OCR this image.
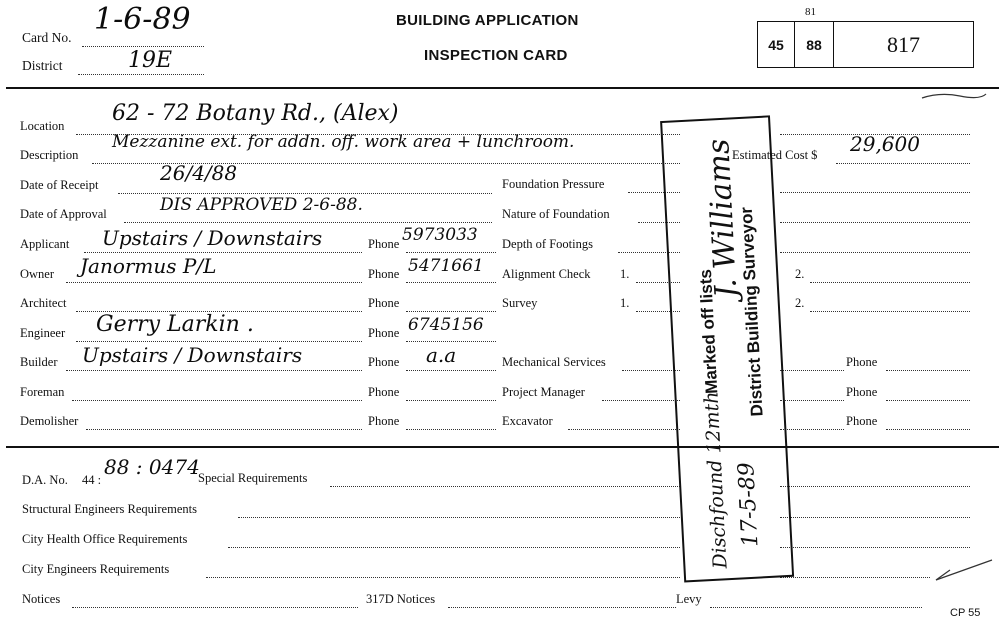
Card No.
1-6-89
District	19E
BUILDING APPLICATION
INSPECTION CARD
81
45	88	817
Location 62 - 72 Botany Rd., (Alex)
Description
Mezzanine ext. for addn. off. work area + lunchroom.
Estimated Cost $ 29,600
Date of Receipt	26/4/88	Foundation Pressure
Date of Approval	DIS APPROVED 2-6-88.	Nature of Foundation
Applicant Upstairs / Downstairs	Phone 5973033 Depth of Footings
Owner Janormus P/L	Phone 5471661 Alignment Check 1.	2.
Architect	Phone	Survey	1.	2.
Engineer Gerry Larkin .	Phone 6745156
Builder Upstairs / Downstairs	Phone a.a	Mechanical Services	Phone
Foreman	Phone	Project Manager	Phone
Demolisher	Phone	Excavator	Phone
D.A. No. 44 :
88 : 0474
Special Requirements
Structural Engineers Requirements
City Health Office Requirements
City Engineers Requirements
Notices	317D Notices	Levy
CP 55
Marked off lists District Building Surveyor
J. Williams
Dischfound 12mth 17-5-89
